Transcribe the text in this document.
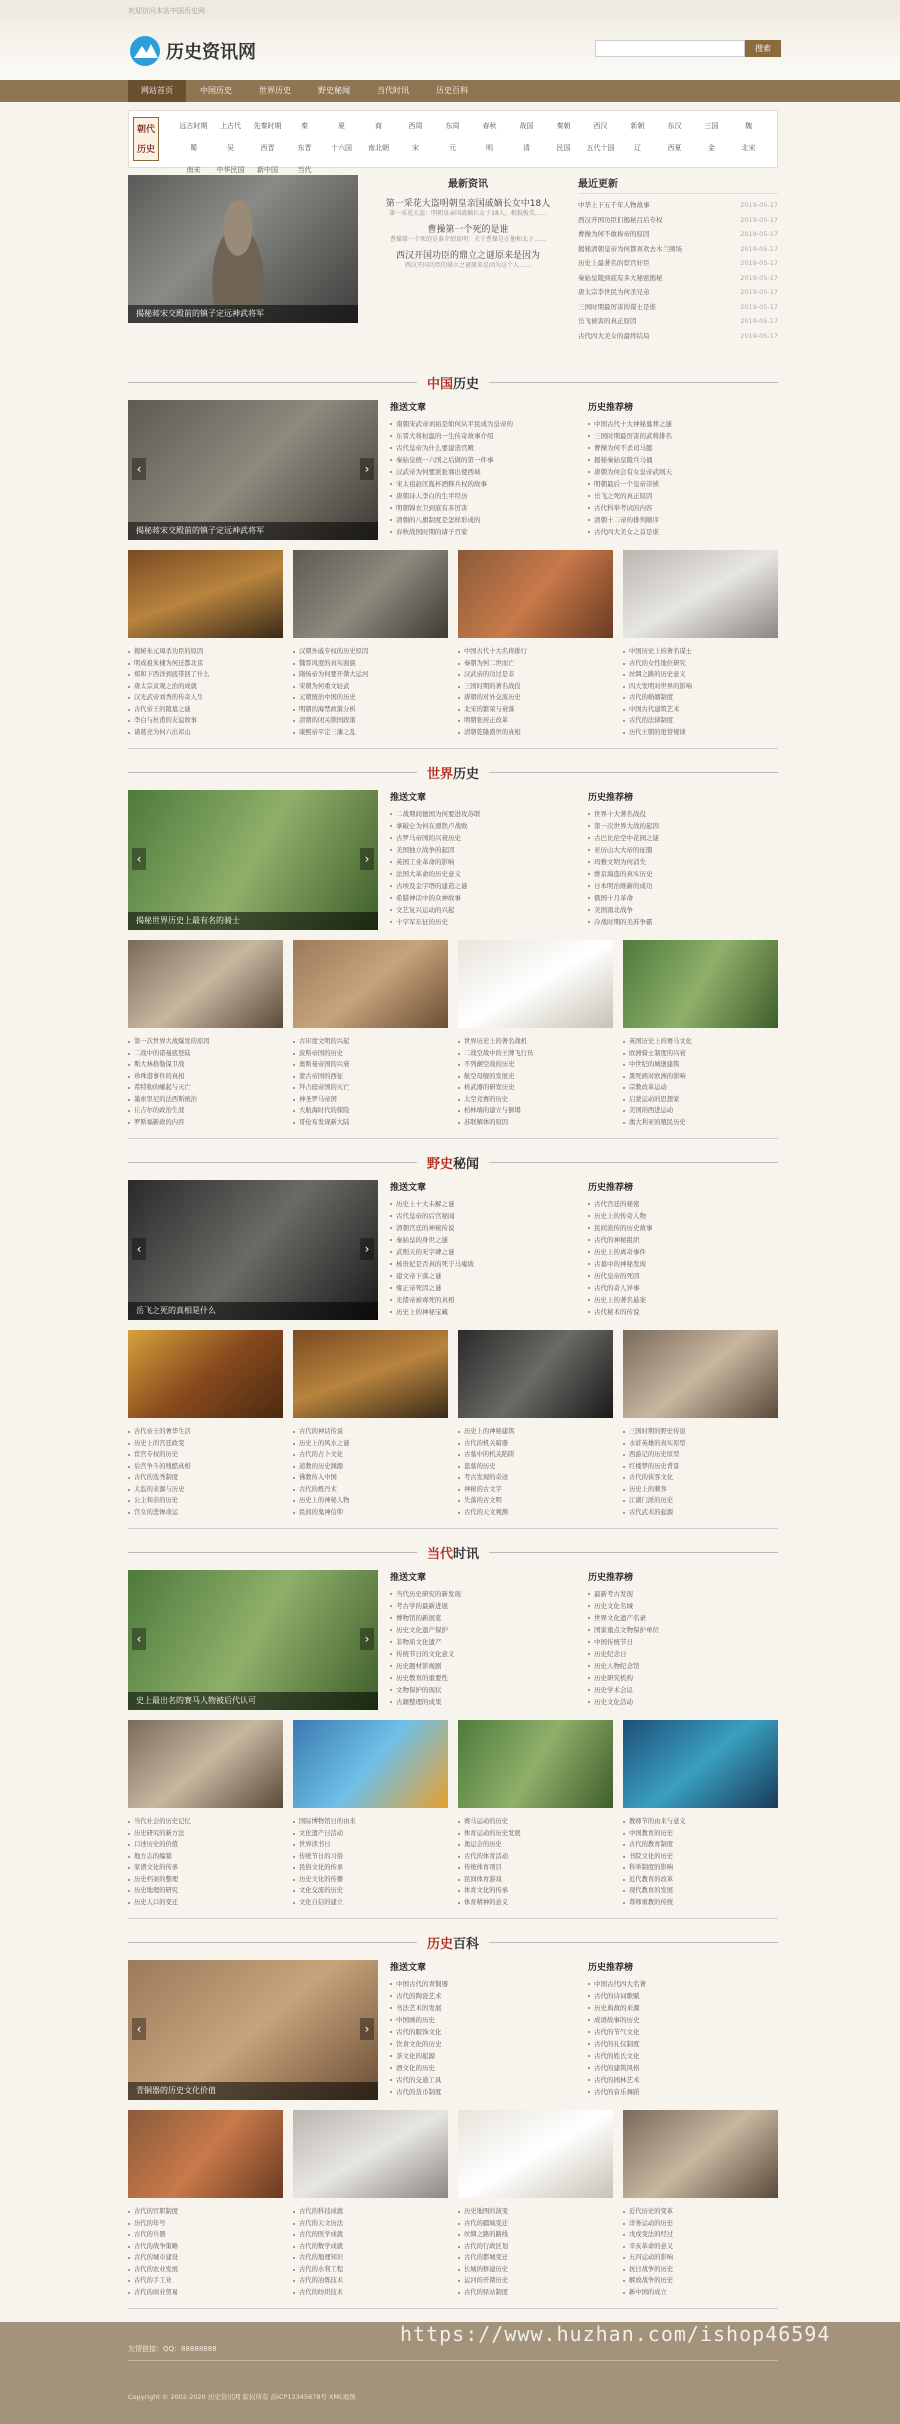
欢迎访问本站中国历史网
历史资讯网	搜索
网站首页	中国历史	世界历史	野史秘闻	当代时讯	历史百科
朝代
历史
远古时期	上古代	先秦时期	秦	夏	商	西周	东周	春秋	战国	秦朝	西汉	新朝	东汉	三国	魏
蜀	吴	西晋	东晋	十六国	南北朝	宋	元	明	清	民国	五代十国	辽	西夏	金	北宋
南宋	中华民国	新中国	当代
揭秘蒋宋交殿前的镇子定远神武将军
最新资讯
第一采花大盗明朝皇亲国戚嫡长女中18人
第一采花大盗：明朝皇亲国戚嫡长女子18人，相貌俊美……
曹操第一个死的是谁
曹操第一个死的是谁介绍说明：关于曹操是在他和太子……
西汉开国功臣的鼎立之谜原来是因为
西汉开国功臣的鼎立之谜原来是因为这个人……
最近更新
中华上下五千年人物故事	2019-05-17
西汉开国功臣们揭秘吕后专权	2019-05-17
曹操为何不敢称帝的原因	2019-05-17
揭秘清朝皇帝为何都喜欢去木兰围场	2019-05-17
历史上最著名的宦官奸臣	2019-05-17
秦始皇陵到底有多大秘密揭秘	2019-05-17
唐太宗李世民为何杀兄弟	2019-05-17
三国时期最厉害的谋士是谁	2019-05-17
岳飞被害的真正原因	2019-05-17
古代四大美女的最终结局	2019-05-17
中国历史
‹	›
揭秘蒋宋交殿前的镇子定远神武将军
推送文章
南朝宋武帝刘裕是如何从平民成为皇帝的
东晋大将桓温的一生传奇故事介绍
古代皇帝为什么要建造宫殿
秦始皇统一六国之后做的第一件事
汉武帝为何要派张骞出使西域
宋太祖赵匡胤杯酒释兵权的故事
唐朝诗人李白的生平经历
明朝锦衣卫到底有多厉害
清朝的八旗制度是怎样形成的
春秋战国时期的诸子百家
历史推荐榜
中国古代十大神秘墓葬之谜
三国时期最厉害的武将排名
曹操为何不杀司马懿
揭秘秦始皇陵兵马俑
唐朝为何会有女皇帝武则天
明朝最后一个皇帝崇祯
岳飞之死的真正原因
古代科举考试的内容
清朝十二帝的排列顺序
古代四大美女之首是谁
揭秘朱元璋杀功臣的原因
明成祖朱棣为何迁都北京
郑和下西洋到底带回了什么
唐太宗贞观之治的成就
汉光武帝刘秀的传奇人生
古代帝王的陵墓之谜
李白与杜甫的友谊故事
诸葛亮为何六出祁山
汉朝外戚专权的历史原因
魏晋风度的真实面貌
隋炀帝为何要开凿大运河
宋朝为何重文轻武
元朝统治中国的历史
明朝的海禁政策分析
清朝的闭关锁国政策
康熙帝平定三藩之乱
中国古代十大名将排行
秦朝为何二世而亡
汉武帝的功过是非
三国时期的著名战役
唐朝的对外交流历史
北宋的繁荣与衰落
明朝张居正改革
清朝乾隆盛世的真相
中国历史上的著名谋士
古代的女性地位研究
丝绸之路的历史意义
四大发明对世界的影响
古代的婚姻制度
中国古代建筑艺术
古代的法律制度
历代王朝的更替规律
世界历史
‹	›
揭秘世界历史上最有名的骑士
推送文章
二战期间德国为何要进攻苏联
拿破仑为何在滑铁卢战败
古罗马帝国的兴衰历史
美国独立战争的起因
英国工业革命的影响
法国大革命的历史意义
古埃及金字塔的建造之谜
希腊神话中的众神故事
文艺复兴运动的兴起
十字军东征的历史
历史推荐榜
世界十大著名战役
第一次世界大战的起因
古巴比伦空中花园之谜
亚历山大大帝的征服
玛雅文明为何消失
维京海盗的真实历史
日本明治维新的成功
俄国十月革命
美国南北战争
冷战时期的美苏争霸
第一次世界大战爆发的原因
二战中的诺曼底登陆
斯大林格勒保卫战
珍珠港事件的真相
希特勒的崛起与灭亡
墨索里尼的法西斯统治
丘吉尔的政治生涯
罗斯福新政的内容
古印度文明的兴起
波斯帝国的历史
奥斯曼帝国的兴衰
蒙古帝国的西征
拜占庭帝国的灭亡
神圣罗马帝国
大航海时代的探险
哥伦布发现新大陆
世界历史上的著名战机
二战空战中的王牌飞行员
不列颠空战的历史
航空母舰的发展史
核武器的研发历史
太空竞赛的历史
柏林墙的建立与倒塌
苏联解体的原因
英国历史上的赛马文化
欧洲骑士制度的兴衰
中世纪的城堡建筑
黑死病对欧洲的影响
宗教改革运动
启蒙运动的思想家
美国的西进运动
澳大利亚的殖民历史
野史秘闻
‹	›
岳飞之死的真相是什么
推送文章
历史上十大未解之谜
古代皇帝的后宫秘闻
清朝宫廷的神秘传说
秦始皇的身世之谜
武则天的无字碑之谜
杨贵妃是否真的死于马嵬坡
建文帝下落之谜
雍正帝死因之谜
光绪帝被毒死的真相
历史上的神秘宝藏
历史推荐榜
古代宫廷的秘密
历史上的传奇人物
民间流传的历史故事
古代的神秘组织
历史上的离奇事件
古墓中的神秘发现
历代皇帝的死因
古代的奇人异事
历史上的著名悬案
古代秘术的传说
古代帝王的奢华生活
历史上的宫廷政变
宦官专权的历史
后宫争斗的残酷真相
古代的选秀制度
太监的来源与历史
公主和亲的历史
宫女的悲惨命运
古代的神话传说
历史上的风水之谜
古代的占卜文化
道教的历史渊源
佛教传入中国
古代的炼丹术
历史上的神秘人物
民间的鬼神信仰
历史上的神秘建筑
古代的机关暗器
古墓中的机关陷阱
盗墓的历史
考古发现的奇迹
神秘的古文字
失落的古文明
古代的天文观测
三国时期的野史传说
水浒英雄的真实原型
西游记的历史原型
红楼梦的历史背景
古代的侠客文化
历史上的刺客
江湖门派的历史
古代武术的起源
当代时讯
‹	›
史上最出名的赛马人物被后代认可
推送文章
当代历史研究的新发现
考古学的最新进展
博物馆的新展览
历史文化遗产保护
非物质文化遗产
传统节日的文化意义
历史题材影视剧
历史教育的重要性
文物保护的现状
古籍整理的成果
历史推荐榜
最新考古发现
历史文化名城
世界文化遗产名录
国家重点文物保护单位
中国传统节日
历史纪念日
历史人物纪念馆
历史研究机构
历史学术会议
历史文化活动
当代社会的历史记忆
历史研究的新方法
口述历史的价值
地方志的编纂
家谱文化的传承
历史档案的整理
历史地理的研究
历史人口的变迁
国际博物馆日的由来
文化遗产日活动
世界读书日
传统节日的习俗
民俗文化的传承
历史文化的传播
文化交流的历史
文化自信的建立
赛马运动的历史
体育运动的历史发展
奥运会的历史
古代的体育活动
传统体育项目
民间体育游戏
体育文化的传承
体育精神的意义
教师节的由来与意义
中国教育的历史
古代的教育制度
书院文化的历史
科举制度的影响
近代教育的改革
现代教育的发展
尊师重教的传统
历史百科
‹	›
青铜器的历史文化价值
推送文章
中国古代的青铜器
古代的陶瓷艺术
书法艺术的发展
中国画的历史
古代的服饰文化
饮食文化的历史
茶文化的起源
酒文化的历史
古代的交通工具
古代的货币制度
历史推荐榜
中国古代四大名著
古代的诗词歌赋
历史典故的来源
成语故事的历史
古代的节气文化
古代的礼仪制度
古代的姓氏文化
古代的建筑风格
古代的园林艺术
古代的音乐舞蹈
古代的官职制度
历代的年号
古代的兵器
古代的战争策略
古代的城市建设
古代的农业发展
古代的手工业
古代的商业贸易
古代的科技成就
古代的天文历法
古代的医学成就
古代的数学成就
古代的地理知识
古代的水利工程
古代的冶炼技术
古代的纺织技术
历史地图的演变
古代的疆域变迁
丝绸之路的路线
古代的行政区划
古代的都城变迁
长城的修建历史
运河的开凿历史
古代的驿站制度
近代历史的变革
洋务运动的历史
戊戌变法的经过
辛亥革命的意义
五四运动的影响
抗日战争的历史
解放战争的历史
新中国的成立
友情链接：QQ：88888888
Copyright © 2002-2020 历史资讯网 版权所有 苏ICP12345678号 XML地图
https://www.huzhan.com/ishop46594
